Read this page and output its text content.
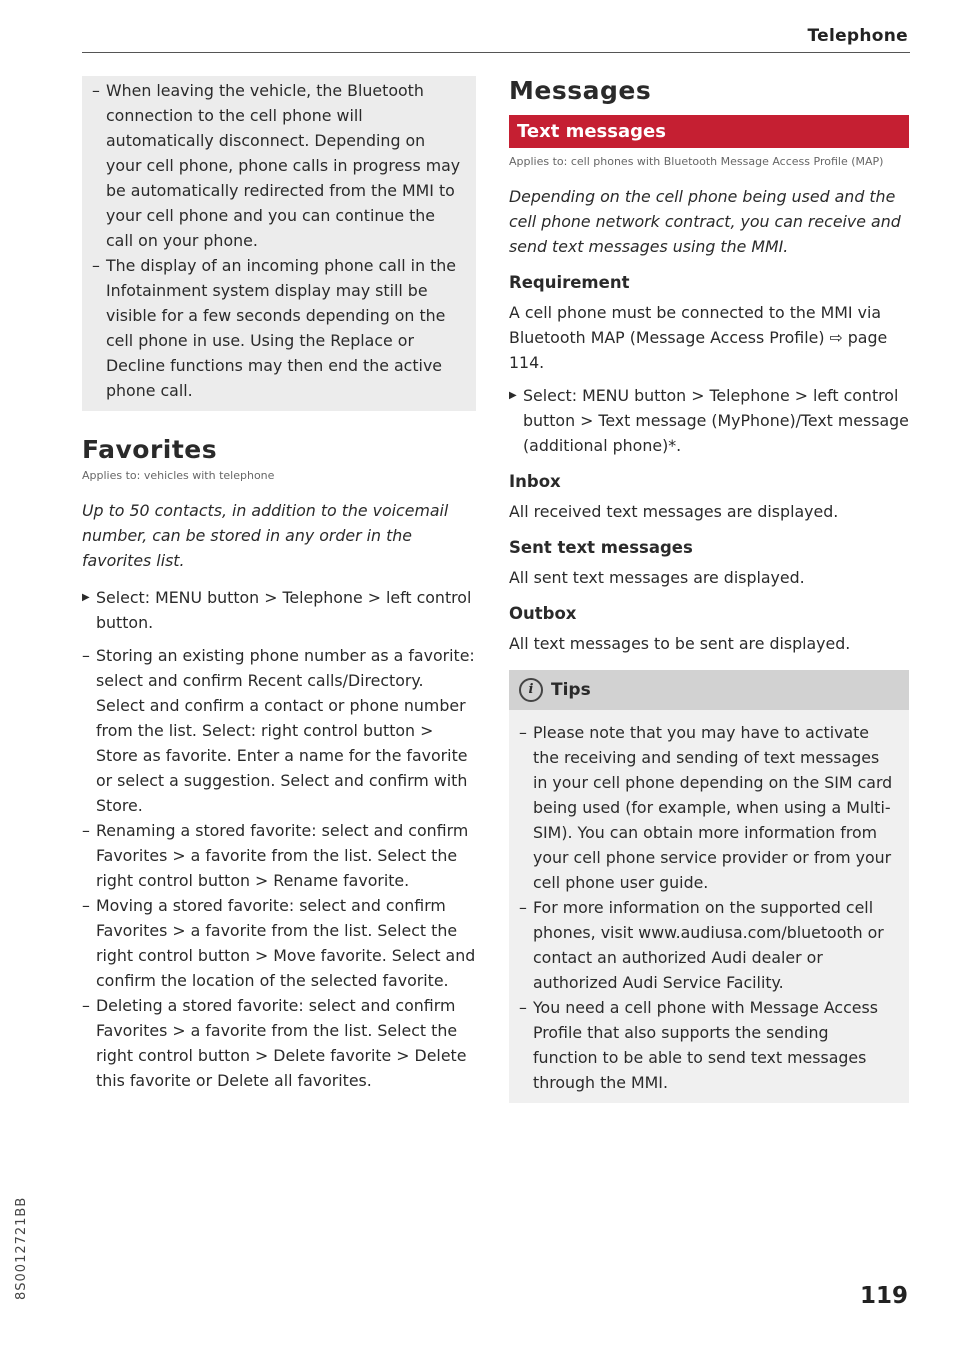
Telephone
– When leaving the vehicle, the Bluetooth connection to the cell phone will automatically disconnect. Depending on your cell phone, phone calls in progress may be automatically redirected from the MMI to your cell phone and you can continue the call on your phone.
– The display of an incoming phone call in the Infotainment system display may still be visible for a few seconds depending on the cell phone in use. Using the Replace or Decline functions may then end the active phone call.
Favorites

Applies to: vehicles with telephone

Up to 50 contacts, in addition to the voicemail number, can be stored in any order in the favorites list.

▶ Select: MENU button > Telephone > left control button.
– Storing an existing phone number as a favorite: select and confirm Recent calls/Directory. Select and confirm a contact or phone number from the list. Select: right control button > Store as favorite. Enter a name for the favorite or select a suggestion. Select and confirm with Store.
– Renaming a stored favorite: select and confirm Favorites > a favorite from the list. Select the right control button > Rename favorite.
– Moving a stored favorite: select and confirm Favorites > a favorite from the list. Select the right control button > Move favorite. Select and confirm the location of the selected favorite.
– Deleting a stored favorite: select and confirm Favorites > a favorite from the list. Select the right control button > Delete favorite > Delete this favorite or Delete all favorites.
Messages
Text messages

Applies to: cell phones with Bluetooth Message Access Profile (MAP)

Depending on the cell phone being used and the cell phone network contract, you can receive and send text messages using the MMI.

Requirement

A cell phone must be connected to the MMI via Bluetooth MAP (Message Access Profile) ⇨ page 114.

▶ Select: MENU button > Telephone > left control button > Text message (MyPhone)/Text message (additional phone)*.
Inbox

All received text messages are displayed.

Sent text messages

All sent text messages are displayed.

Outbox

All text messages to be sent are displayed.

i	Tips
– Please note that you may have to activate the receiving and sending of text messages in your cell phone depending on the SIM card being used (for example, when using a Multi-SIM). You can obtain more information from your cell phone service provider or from your cell phone user guide.
– For more information on the supported cell phones, visit www.audiusa.com/bluetooth or contact an authorized Audi dealer or authorized Audi Service Facility.
– You need a cell phone with Message Access Profile that also supports the sending function to be able to send text messages through the MMI.
8S0012721BB	119
